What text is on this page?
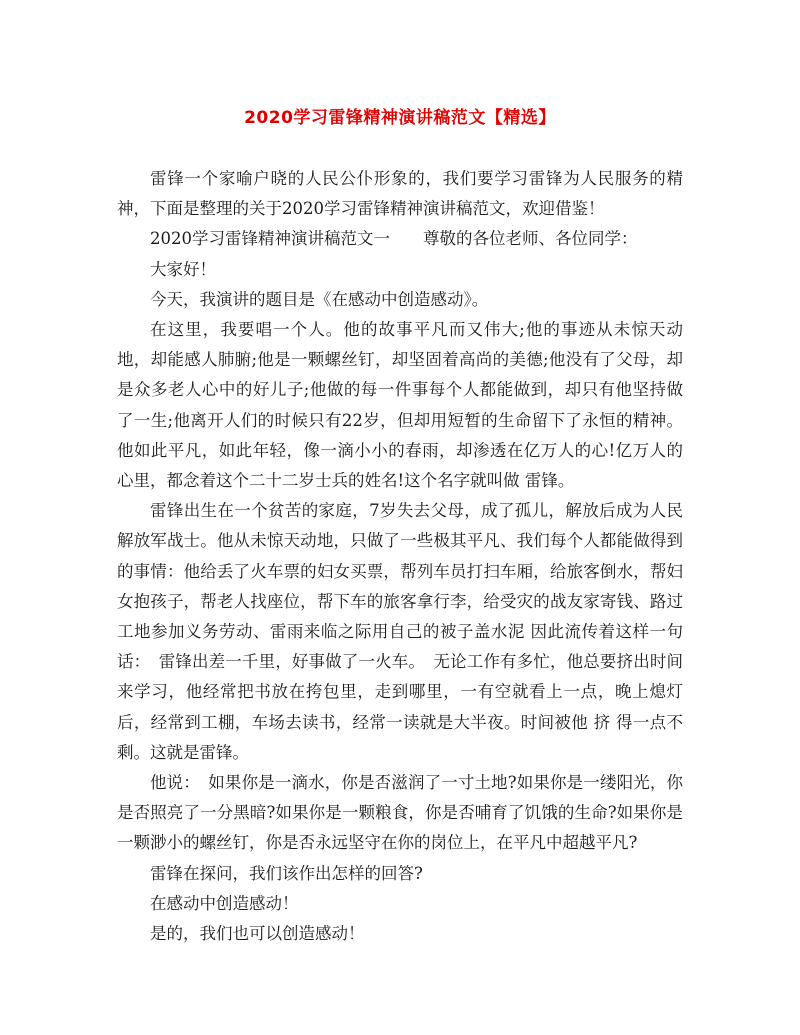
2020学习雷锋精神演讲稿范文【精选】

雷锋一个家喻户晓的人民公仆形象的，我们要学习雷锋为人民服务的精神，下面是整理的关于2020学习雷锋精神演讲稿范文，欢迎借鉴！

2020学习雷锋精神演讲稿范文一　　尊敬的各位老师、各位同学：

大家好！

今天，我演讲的题目是《在感动中创造感动》。

在这里，我要唱一个人。他的故事平凡而又伟大;他的事迹从未惊天动地，却能感人肺腑;他是一颗螺丝钉，却坚固着高尚的美德;他没有了父母，却是众多老人心中的好儿子;他做的每一件事每个人都能做到，却只有他坚持做了一生;他离开人们的时候只有22岁，但却用短暂的生命留下了永恒的精神。他如此平凡，如此年轻，像一滴小小的春雨，却渗透在亿万人的心!亿万人的心里，都念着这个二十二岁士兵的姓名!这个名字就叫做 雷锋。

雷锋出生在一个贫苦的家庭，7岁失去父母，成了孤儿，解放后成为人民解放军战士。他从未惊天动地，只做了一些极其平凡、我们每个人都能做得到的事情：他给丢了火车票的妇女买票，帮列车员打扫车厢，给旅客倒水，帮妇女抱孩子，帮老人找座位，帮下车的旅客拿行李，给受灾的战友家寄钱、路过工地参加义务劳动、雷雨来临之际用自己的被子盖水泥 因此流传着这样一句话：　雷锋出差一千里，好事做了一火车。　无论工作有多忙，他总要挤出时间来学习，他经常把书放在挎包里，走到哪里，一有空就看上一点，晚上熄灯后，经常到工棚，车场去读书，经常一读就是大半夜。时间被他 挤 得一点不剩。这就是雷锋。

他说：　如果你是一滴水，你是否滋润了一寸土地?如果你是一缕阳光，你是否照亮了一分黑暗?如果你是一颗粮食，你是否哺育了饥饿的生命?如果你是一颗渺小的螺丝钉，你是否永远坚守在你的岗位上，在平凡中超越平凡?

雷锋在探问，我们该作出怎样的回答?

在感动中创造感动！

是的，我们也可以创造感动！
